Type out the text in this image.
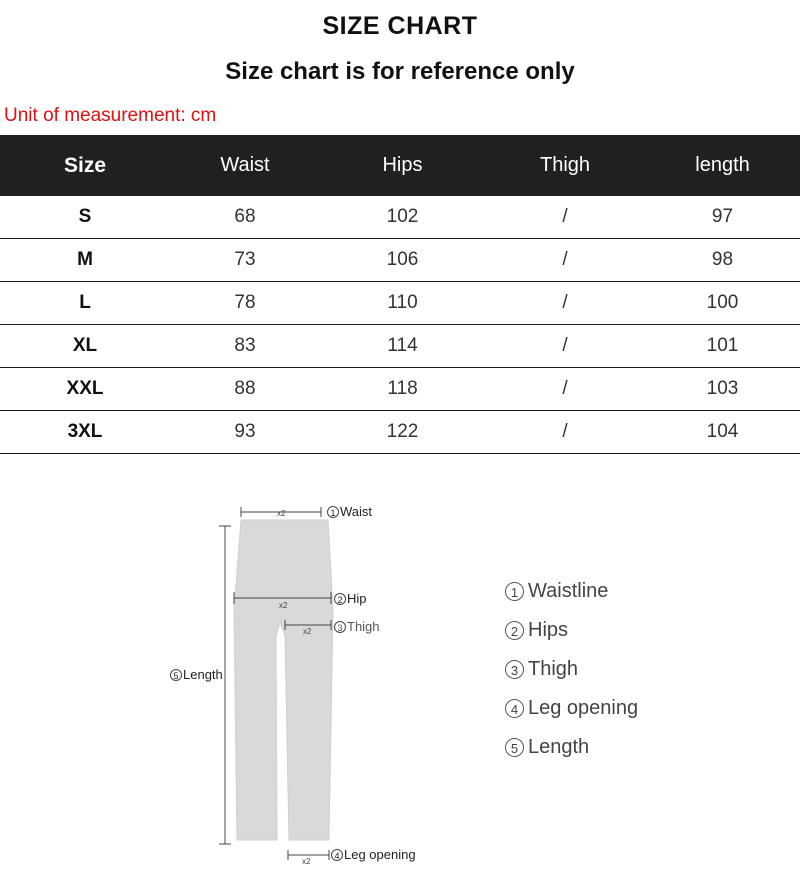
SIZE CHART
Size chart is for reference only
Unit of measurement: cm
Size	Waist	Hips	Thigh	length
S	68	102	/	97
M	73	106	/	98
L	78	110	/	100
XL	83	114	/	101
XXL	88	118	/	103
3XL	93	122	/	104
x2	1 Waist
x2
2 Hip
x2	3 Thigh
5 Length
x2
4 Leg opening
1 Waistline
2 Hips
3 Thigh
4 Leg opening
5 Length
